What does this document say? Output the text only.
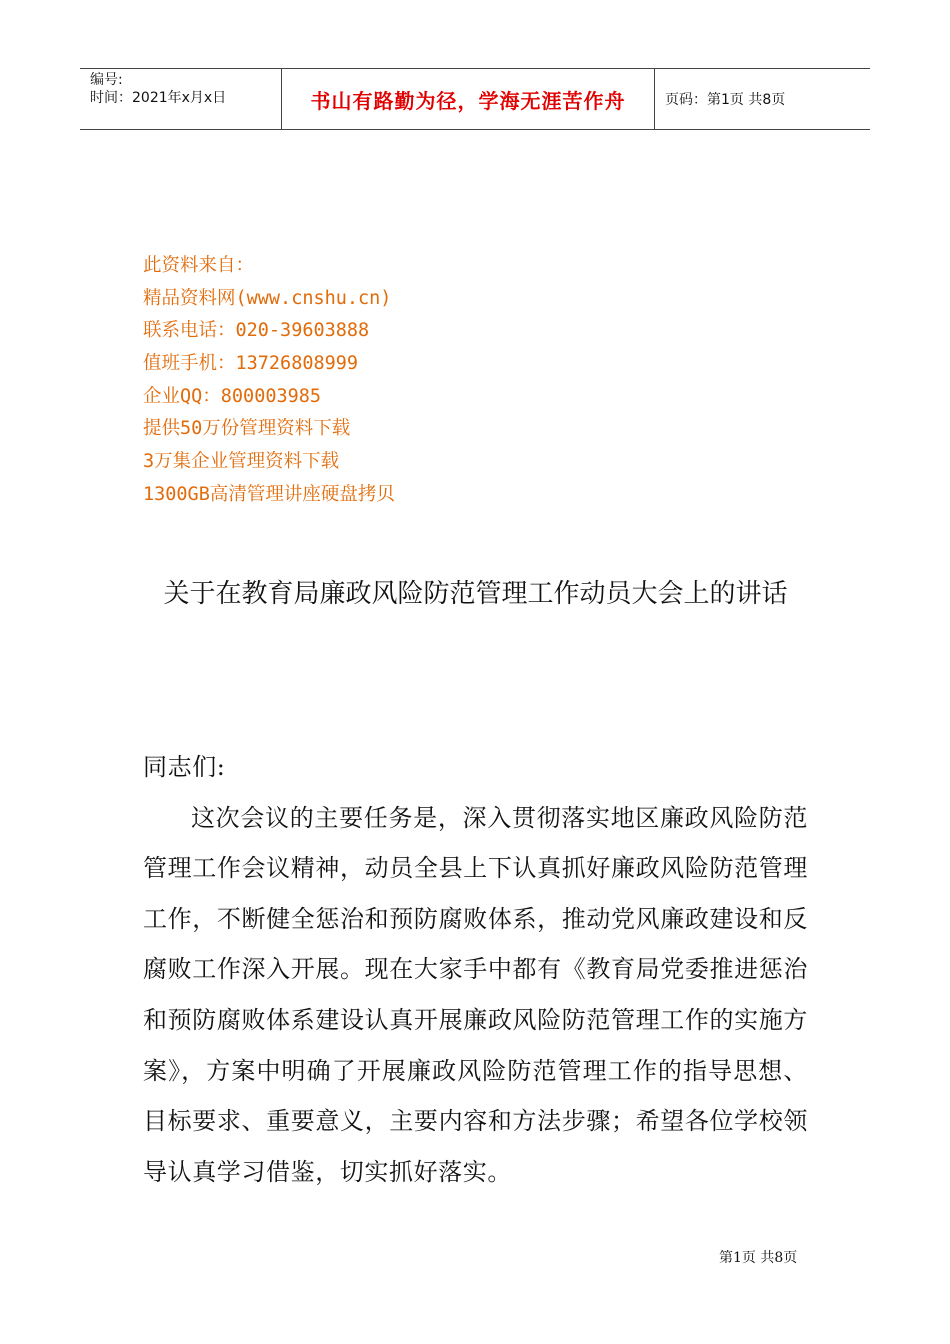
编号:
时间：2021年x月x日	书山有路勤为径，学海无涯苦作舟	页码：第1页 共8页
此资料来自：
精品资料网(www.cnshu.cn)
联系电话：020-39603888
值班手机：13726808999
企业QQ：800003985
提供50万份管理资料下载
3万集企业管理资料下载
1300GB高清管理讲座硬盘拷贝
关于在教育局廉政风险防范管理工作动员大会上的讲话

同志们:

这次会议的主要任务是，深入贯彻落实地区廉政风险防范管理工作会议精神，动员全县上下认真抓好廉政风险防范管理工作，不断健全惩治和预防腐败体系，推动党风廉政建设和反腐败工作深入开展。现在大家手中都有《教育局党委推进惩治和预防腐败体系建设认真开展廉政风险防范管理工作的实施方案》，方案中明确了开展廉政风险防范管理工作的指导思想、目标要求、重要意义，主要内容和方法步骤；希望各位学校领导认真学习借鉴，切实抓好落实。

第1页 共8页
